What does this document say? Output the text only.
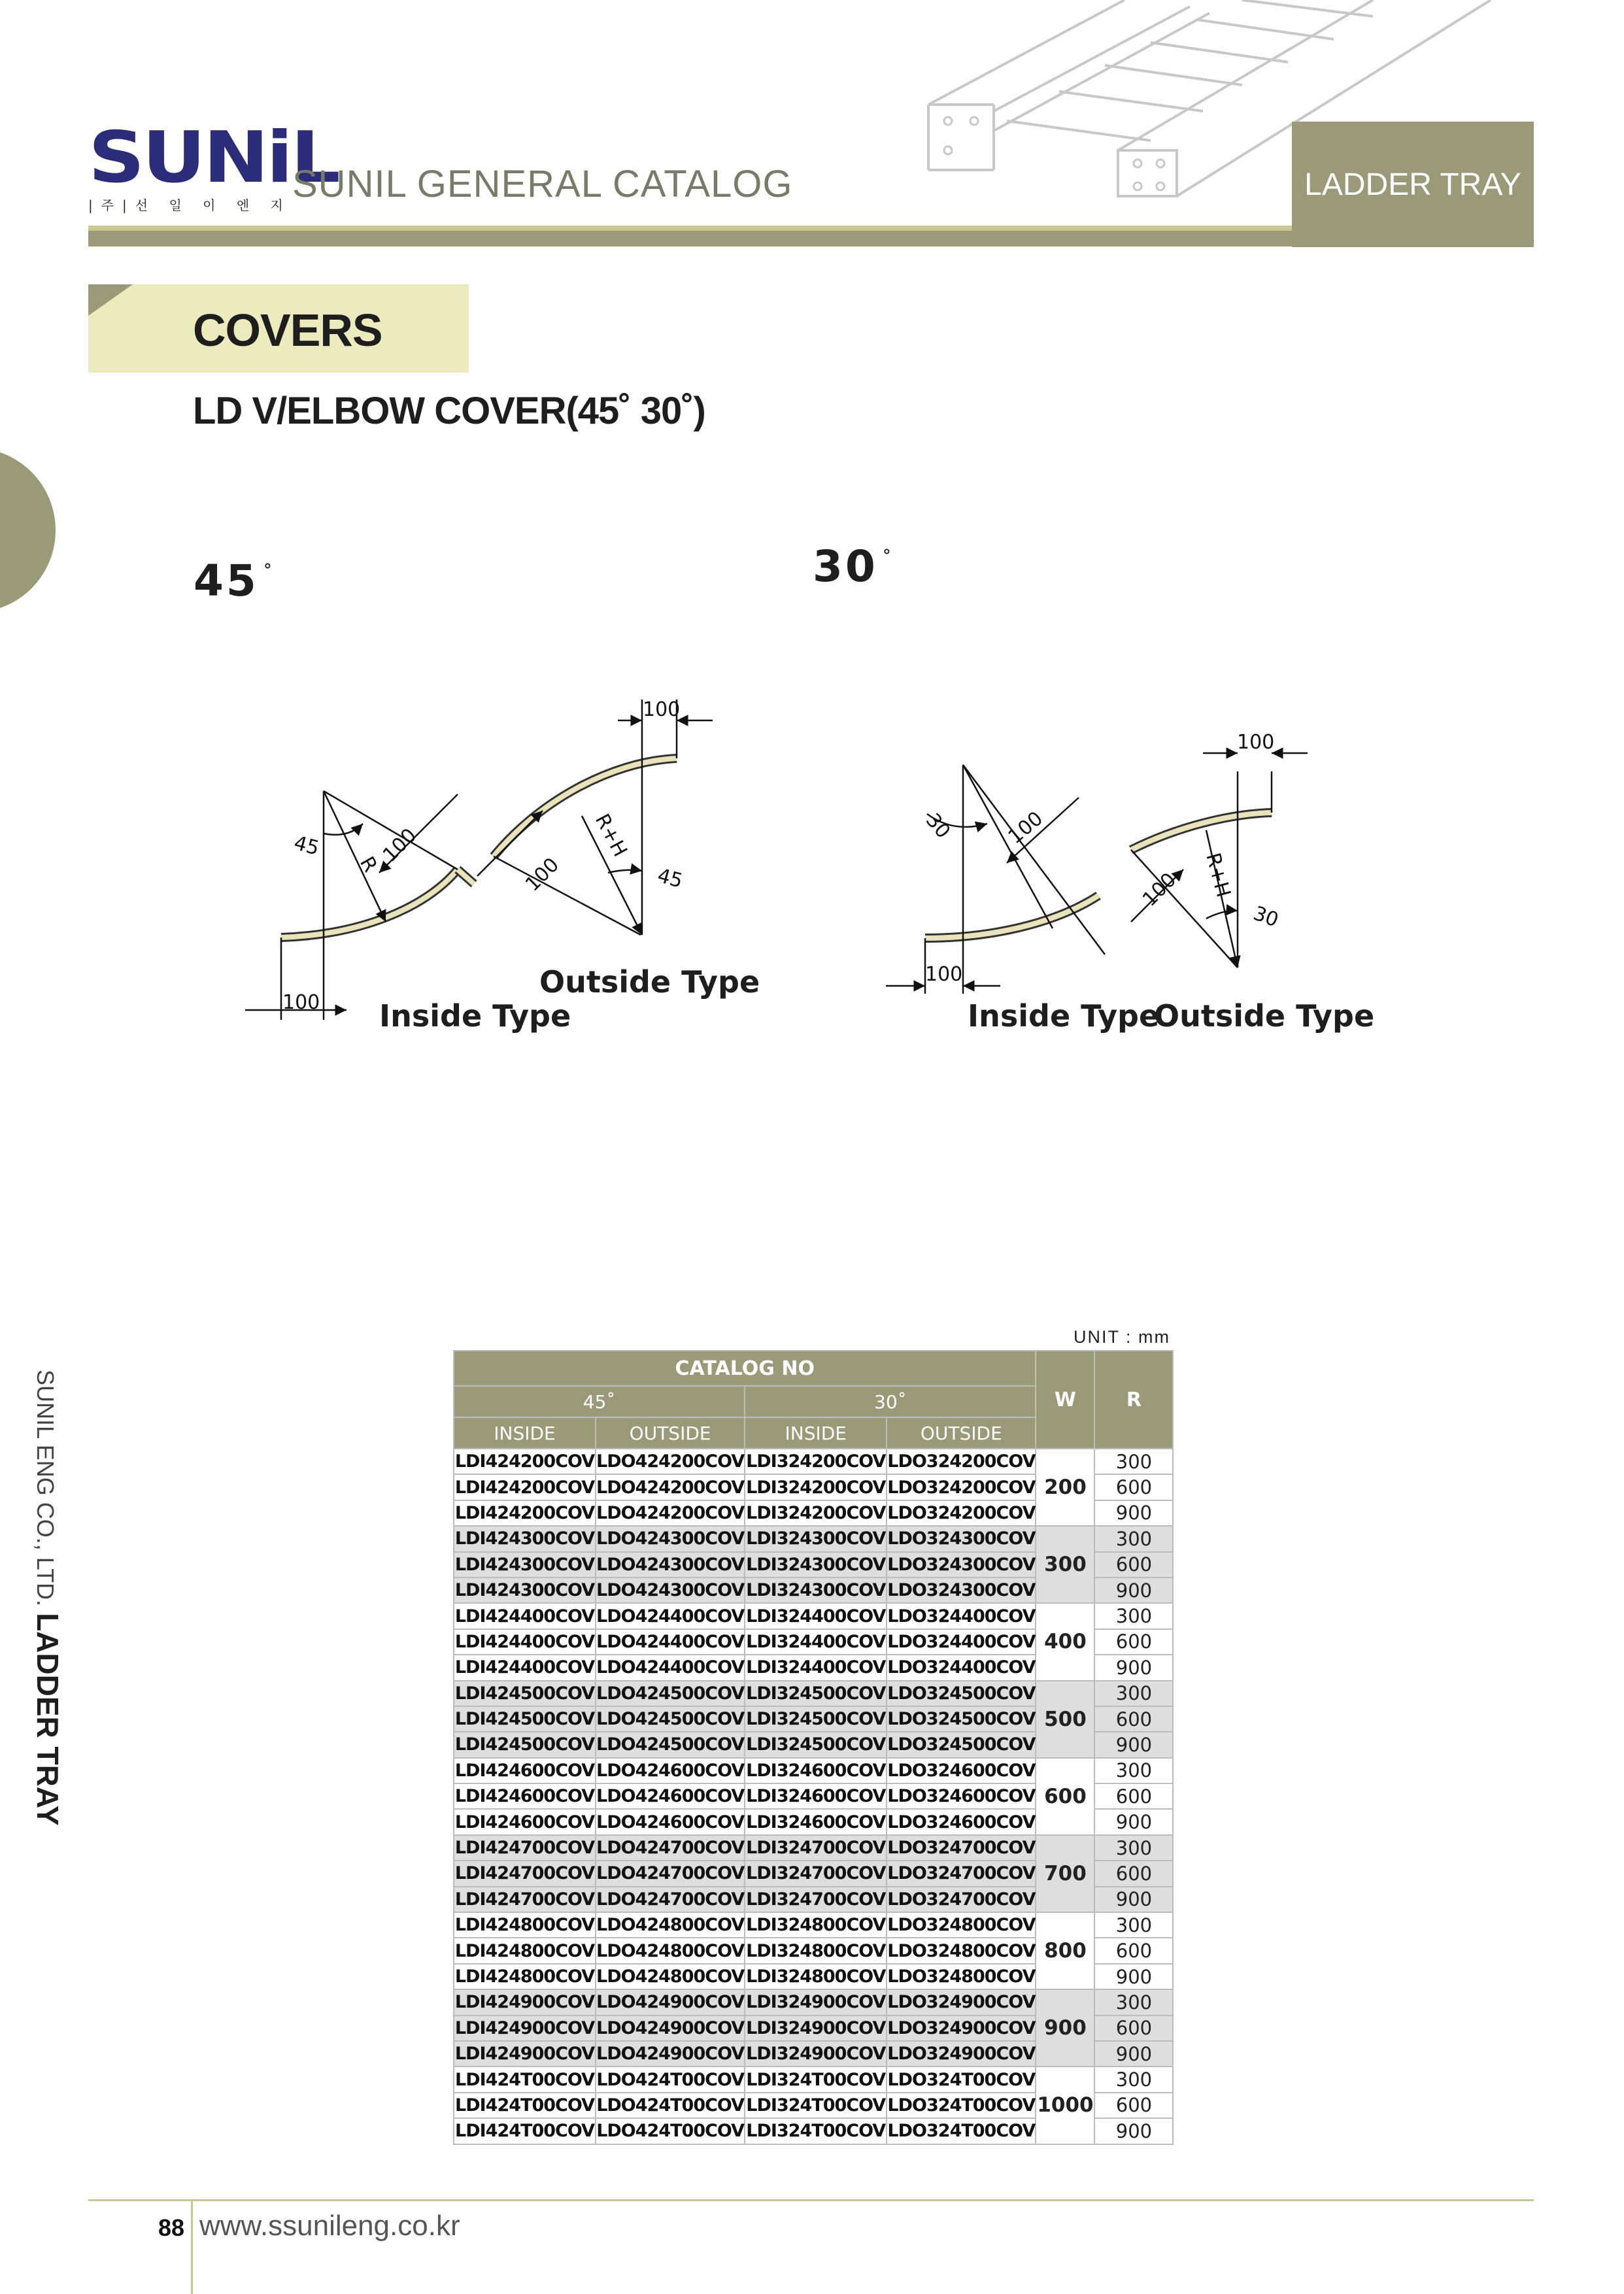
SUNiL
|주|선 일 이 엔 지 SUNIL GENERAL CATALOG	LADDER TRAY
COVERS
LD V/ELBOW COVER(45˚ 30˚)
SUNIL ENG CO., LTD.LADDER TRAY
45 ˚	30 ˚
100
45
R
100
100
R+H
100	45
30	100
100
100
R+H
100
30
Inside Type
Outside Type
Inside Type
Outside Type
UNIT : mm
CATALOG NO				W	R
45˚		30˚			
INSIDE	OUTSIDE	INSIDE	OUTSIDE		
LDI424200COV	LDO424200COV	LDI324200COV	LDO324200COV	200	300
LDI424200COV	LDO424200COV	LDI324200COV	LDO324200COV		600
LDI424200COV	LDO424200COV	LDI324200COV	LDO324200COV		900
LDI424300COV	LDO424300COV	LDI324300COV	LDO324300COV	300	300
LDI424300COV	LDO424300COV	LDI324300COV	LDO324300COV		600
LDI424300COV	LDO424300COV	LDI324300COV	LDO324300COV		900
LDI424400COV	LDO424400COV	LDI324400COV	LDO324400COV	400	300
LDI424400COV	LDO424400COV	LDI324400COV	LDO324400COV		600
LDI424400COV	LDO424400COV	LDI324400COV	LDO324400COV		900
LDI424500COV	LDO424500COV	LDI324500COV	LDO324500COV	500	300
LDI424500COV	LDO424500COV	LDI324500COV	LDO324500COV		600
LDI424500COV	LDO424500COV	LDI324500COV	LDO324500COV		900
LDI424600COV	LDO424600COV	LDI324600COV	LDO324600COV	600	300
LDI424600COV	LDO424600COV	LDI324600COV	LDO324600COV		600
LDI424600COV	LDO424600COV	LDI324600COV	LDO324600COV		900
LDI424700COV	LDO424700COV	LDI324700COV	LDO324700COV	700	300
LDI424700COV	LDO424700COV	LDI324700COV	LDO324700COV		600
LDI424700COV	LDO424700COV	LDI324700COV	LDO324700COV		900
LDI424800COV	LDO424800COV	LDI324800COV	LDO324800COV	800	300
LDI424800COV	LDO424800COV	LDI324800COV	LDO324800COV		600
LDI424800COV	LDO424800COV	LDI324800COV	LDO324800COV		900
LDI424900COV	LDO424900COV	LDI324900COV	LDO324900COV	900	300
LDI424900COV	LDO424900COV	LDI324900COV	LDO324900COV		600
LDI424900COV	LDO424900COV	LDI324900COV	LDO324900COV		900
LDI424T00COV	LDO424T00COV	LDI324T00COV	LDO324T00COV	1000	300
LDI424T00COV	LDO424T00COV	LDI324T00COV	LDO324T00COV		600
LDI424T00COV	LDO424T00COV	LDI324T00COV	LDO324T00COV		900
88 www.ssunileng.co.kr
